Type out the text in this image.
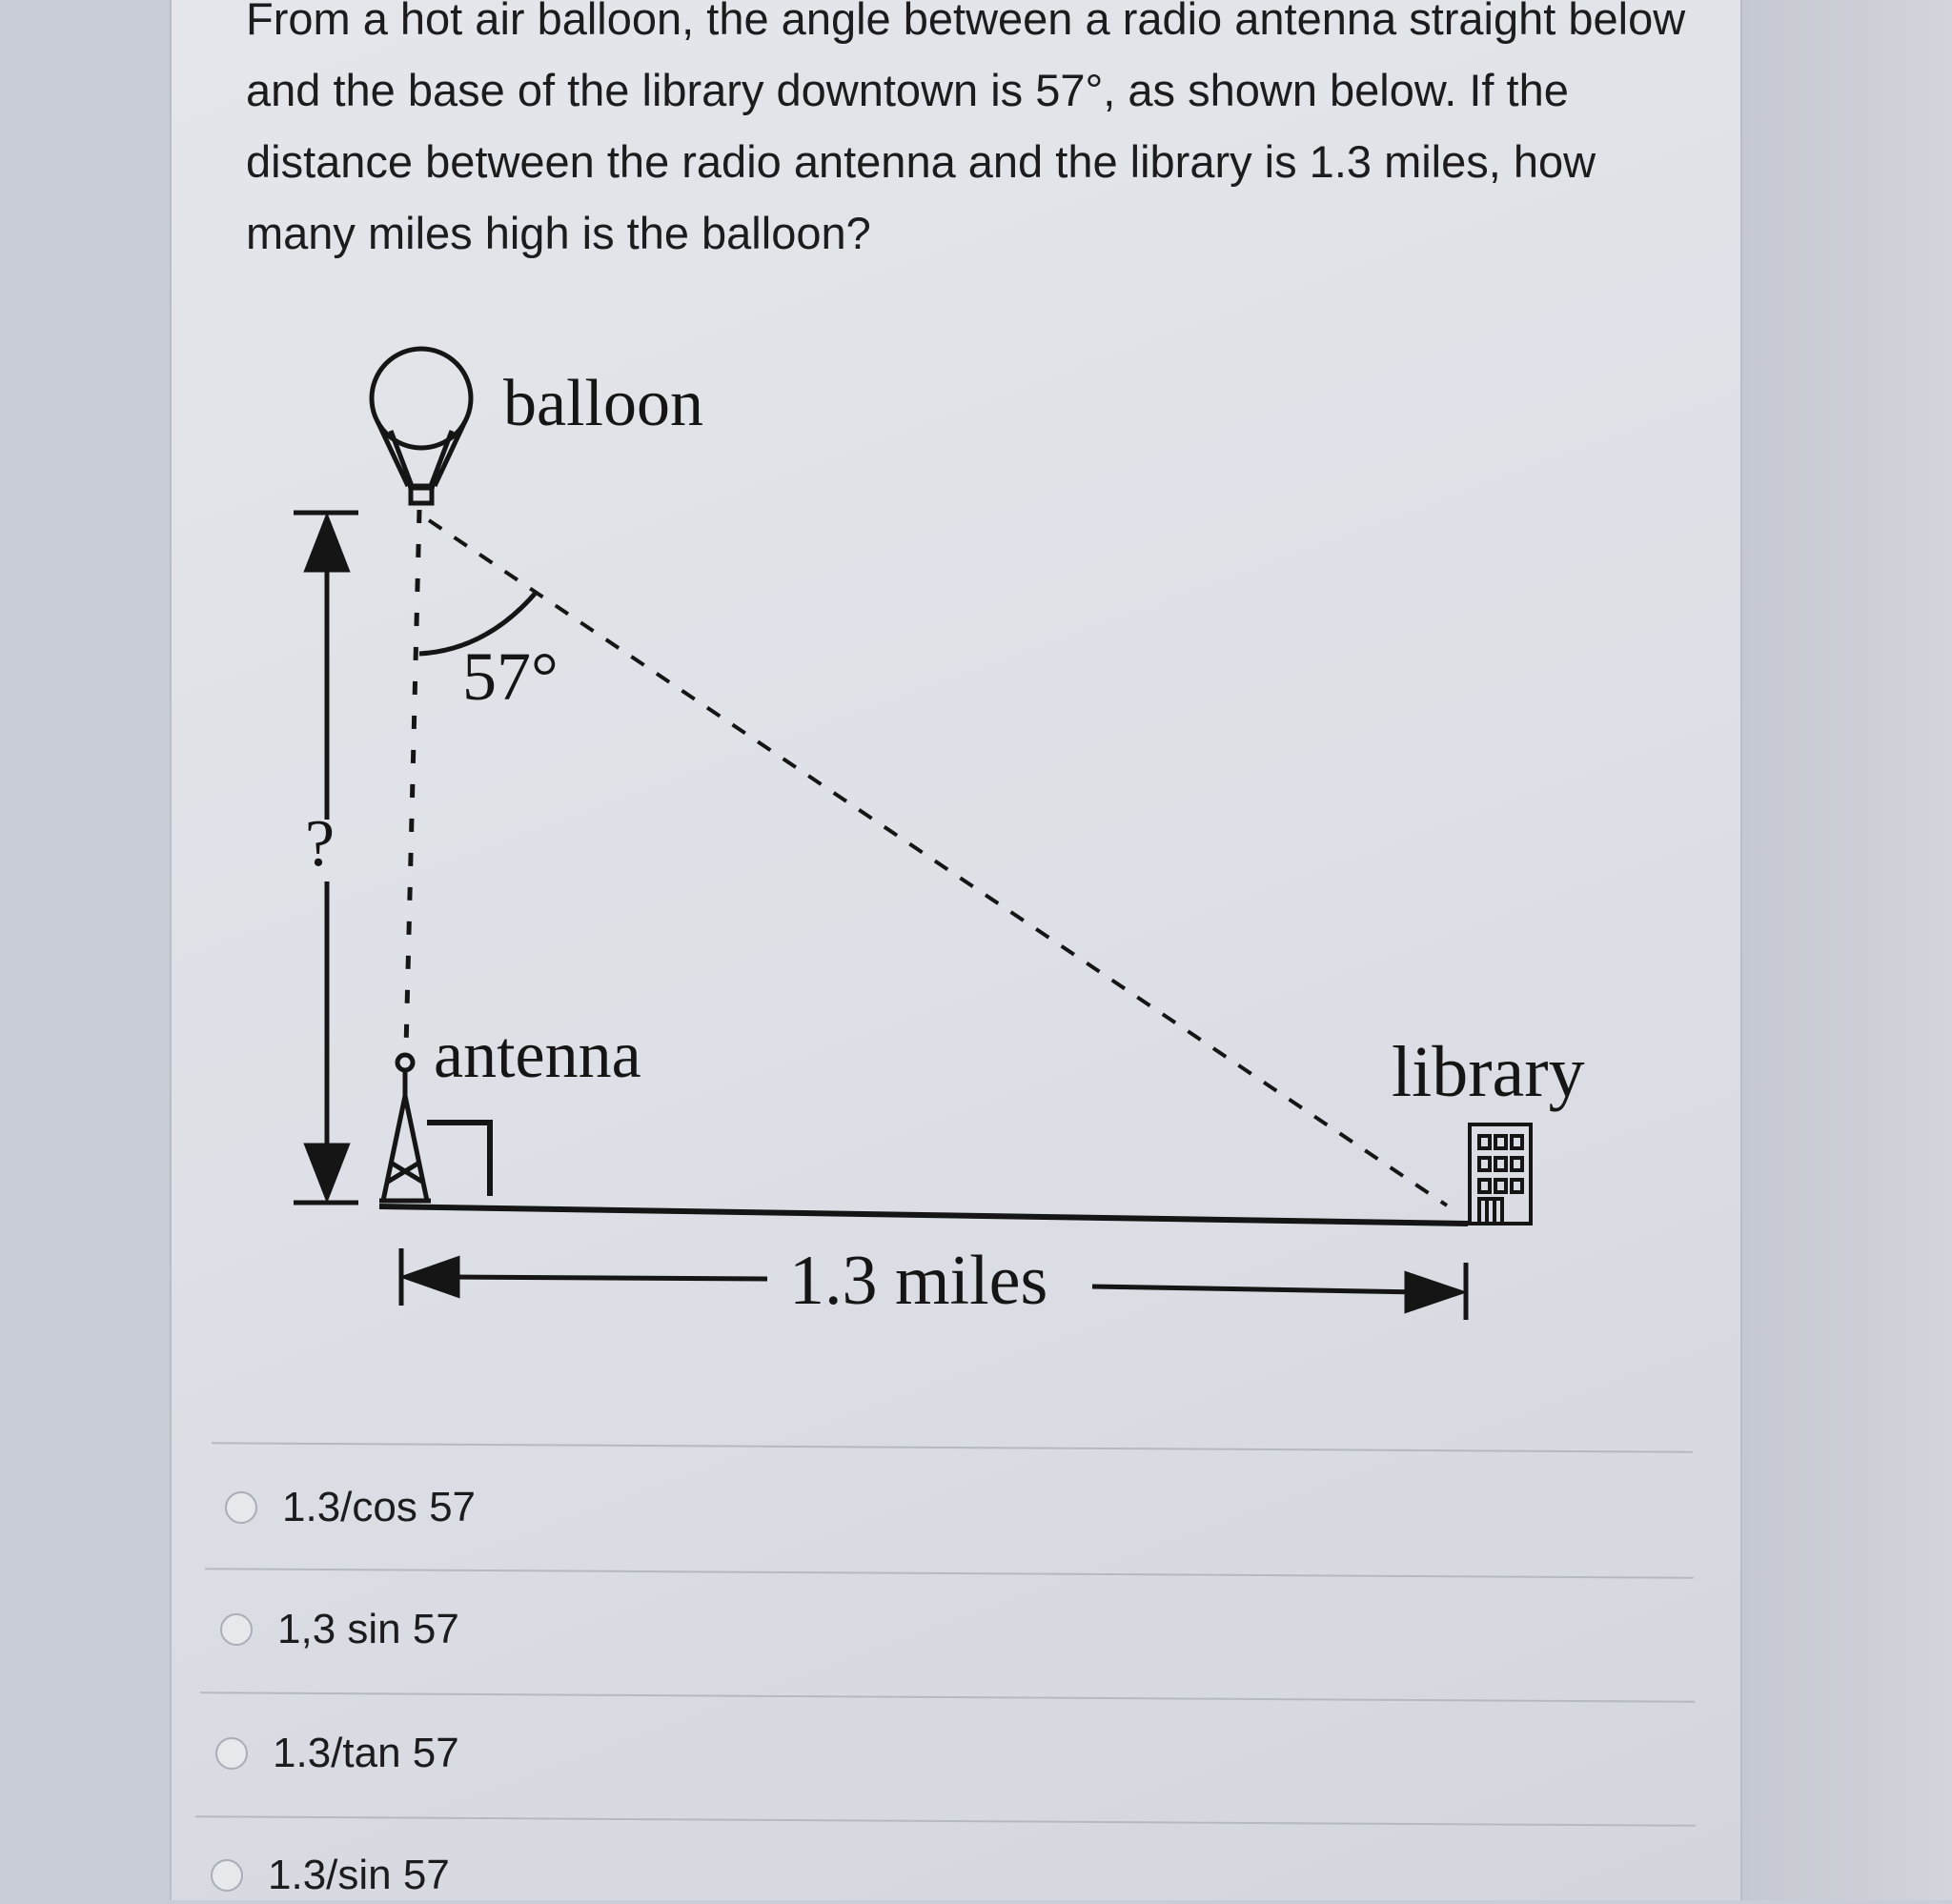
From a hot air balloon, the angle between a radio antenna straight below and the base of the library downtown is 57°, as shown below. If the distance between the radio antenna and the library is 1.3 miles, how many miles high is the balloon?

balloon
57°
?
antenna	library
1.3 miles
1.3/cos 57
1,3 sin 57
1.3/tan 57
1.3/sin 57
